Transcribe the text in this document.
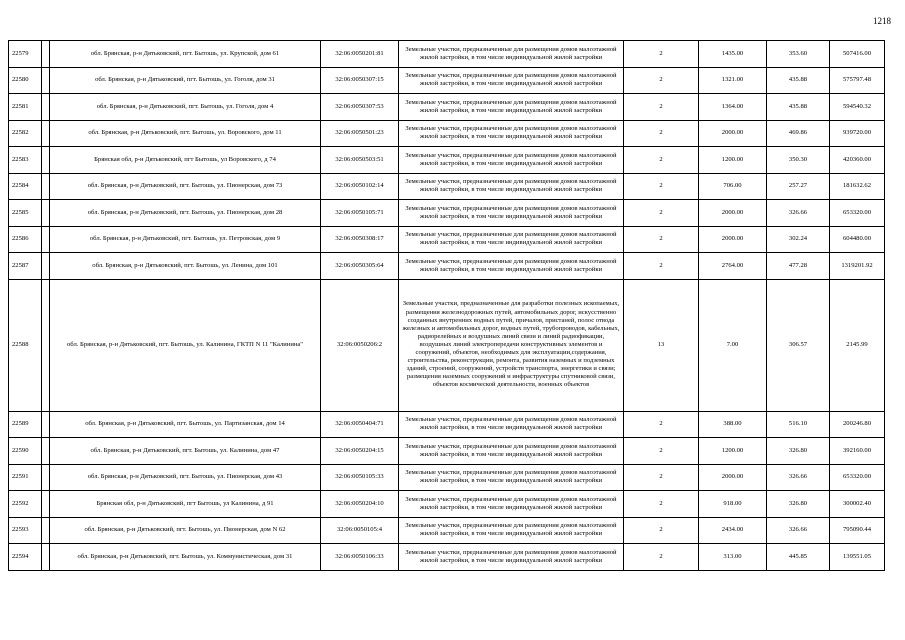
1218
22579		обл. Брянская, р-н Дятьковский, пгт. Бытошь, ул. Крупской, дом 61	32:06:0050201:81	Земельные участки, предназначенные для размещения домов малоэтажной жилой застройки, в том числе индивидуальной жилой застройки	2	1435.00	353.60	507416.00
22580		обл. Брянская, р-н Дятьковский, пгт. Бытошь, ул. Гоголя, дом 31	32:06:0050307:15	Земельные участки, предназначенные для размещения домов малоэтажной жилой застройки, в том числе индивидуальной жилой застройки	2	1321.00	435.88	575797.48
22581		обл. Брянская, р-н Дятьковский, пгт. Бытошь, ул. Гоголя, дом 4	32:06:0050307:53	Земельные участки, предназначенные для размещения домов малоэтажной жилой застройки, в том числе индивидуальной жилой застройки	2	1364.00	435.88	594540.32
22582		обл. Брянская, р-н Дятьковский, пгт. Бытошь, ул. Воровского, дом 11	32:06:0050501:23	Земельные участки, предназначенные для размещения домов малоэтажной жилой застройки, в том числе индивидуальной жилой застройки	2	2000.00	469.86	939720.00
22583		Брянская обл, р-н Дятьковский, пгт Бытошь, ул Воровского, д 74	32:06:0050503:51	Земельные участки, предназначенные для размещения домов малоэтажной жилой застройки, в том числе индивидуальной жилой застройки	2	1200.00	350.30	420360.00
22584		обл. Брянская, р-н Дятьковский, пгт. Бытошь, ул. Пионерская, дом 73	32:06:0050102:14	Земельные участки, предназначенные для размещения домов малоэтажной жилой застройки, в том числе индивидуальной жилой застройки	2	706.00	257.27	181632.62
22585		обл. Брянская, р-н Дятьковский, пгт. Бытошь, ул. Пионерская, дом 28	32:06:0050105:71	Земельные участки, предназначенные для размещения домов малоэтажной жилой застройки, в том числе индивидуальной жилой застройки	2	2000.00	326.66	653320.00
22586		обл. Брянская, р-н Дятьковский, пгт. Бытошь, ул. Петровская, дом 9	32:06:0050308:17	Земельные участки, предназначенные для размещения домов малоэтажной жилой застройки, в том числе индивидуальной жилой застройки	2	2000.00	302.24	604480.00
22587		обл. Брянская, р-н Дятьковский, пгт. Бытошь, ул. Ленина, дом 101	32:06:0050305:64	Земельные участки, предназначенные для размещения домов малоэтажной жилой застройки, в том числе индивидуальной жилой застройки	2	2764.00	477.28	1319201.92
22588		обл. Брянская, р-н Дятьковский, пгт. Бытошь, ул. Калинина, ГКТП N 11 "Калинина"	32:06:0050206:2	Земельные участки, предназначенные для разработки полезных ископаемых, размещения железнодорожных путей, автомобильных дорог, искусственно созданных внутренних водных путей, причалов, пристаней, полос отвода железных и автомобильных дорог, водных путей, трубопроводов, кабельных, радиорелейных и воздушных линий связи и линий радиофикации, воздушных линий электропередачи конструктивных элементов и сооружений, объектов, необходимых для эксплуатации,содержания, строительства, реконструкции, ремонта, развития наземных и подземных зданий, строений, сооружений, устройств транспорта, энергетики и связи; размещения наземных сооружений и инфраструктуры спутниковой связи, объектов космической деятельности, военных объектов	13	7.00	306.57	2145.99
22589		обл. Брянская, р-н Дятьковский, пгт. Бытошь, ул. Партизанская, дом 14	32:06:0050404:71	Земельные участки, предназначенные для размещения домов малоэтажной жилой застройки, в том числе индивидуальной жилой застройки	2	388.00	516.10	200246.80
22590		обл. Брянская, р-н Дятьковский, пгт. Бытошь, ул. Калинина, дом 47	32:06:0050204:15	Земельные участки, предназначенные для размещения домов малоэтажной жилой застройки, в том числе индивидуальной жилой застройки	2	1200.00	326.80	392160.00
22591		обл. Брянская, р-н Дятьковский, пгт. Бытошь, ул. Пионерская, дом 43	32:06:0050105:33	Земельные участки, предназначенные для размещения домов малоэтажной жилой застройки, в том числе индивидуальной жилой застройки	2	2000.00	326.66	653320.00
22592		Брянская обл, р-н Дятьковский, пгт Бытошь, ул Калинина, д 91	32:06:0050204:10	Земельные участки, предназначенные для размещения домов малоэтажной жилой застройки, в том числе индивидуальной жилой застройки	2	918.00	326.80	300002.40
22593		обл. Брянская, р-н Дятьковский, пгт. Бытошь, ул. Пионерская, дом N 62	32:06:0050105:4	Земельные участки, предназначенные для размещения домов малоэтажной жилой застройки, в том числе индивидуальной жилой застройки	2	2434.00	326.66	795090.44
22594		обл. Брянская, р-н Дятьковский, пгт. Бытошь, ул. Коммунистическая, дом 31	32:06:0050106:33	Земельные участки, предназначенные для размещения домов малоэтажной жилой застройки, в том числе индивидуальной жилой застройки	2	313.00	445.85	139551.05
